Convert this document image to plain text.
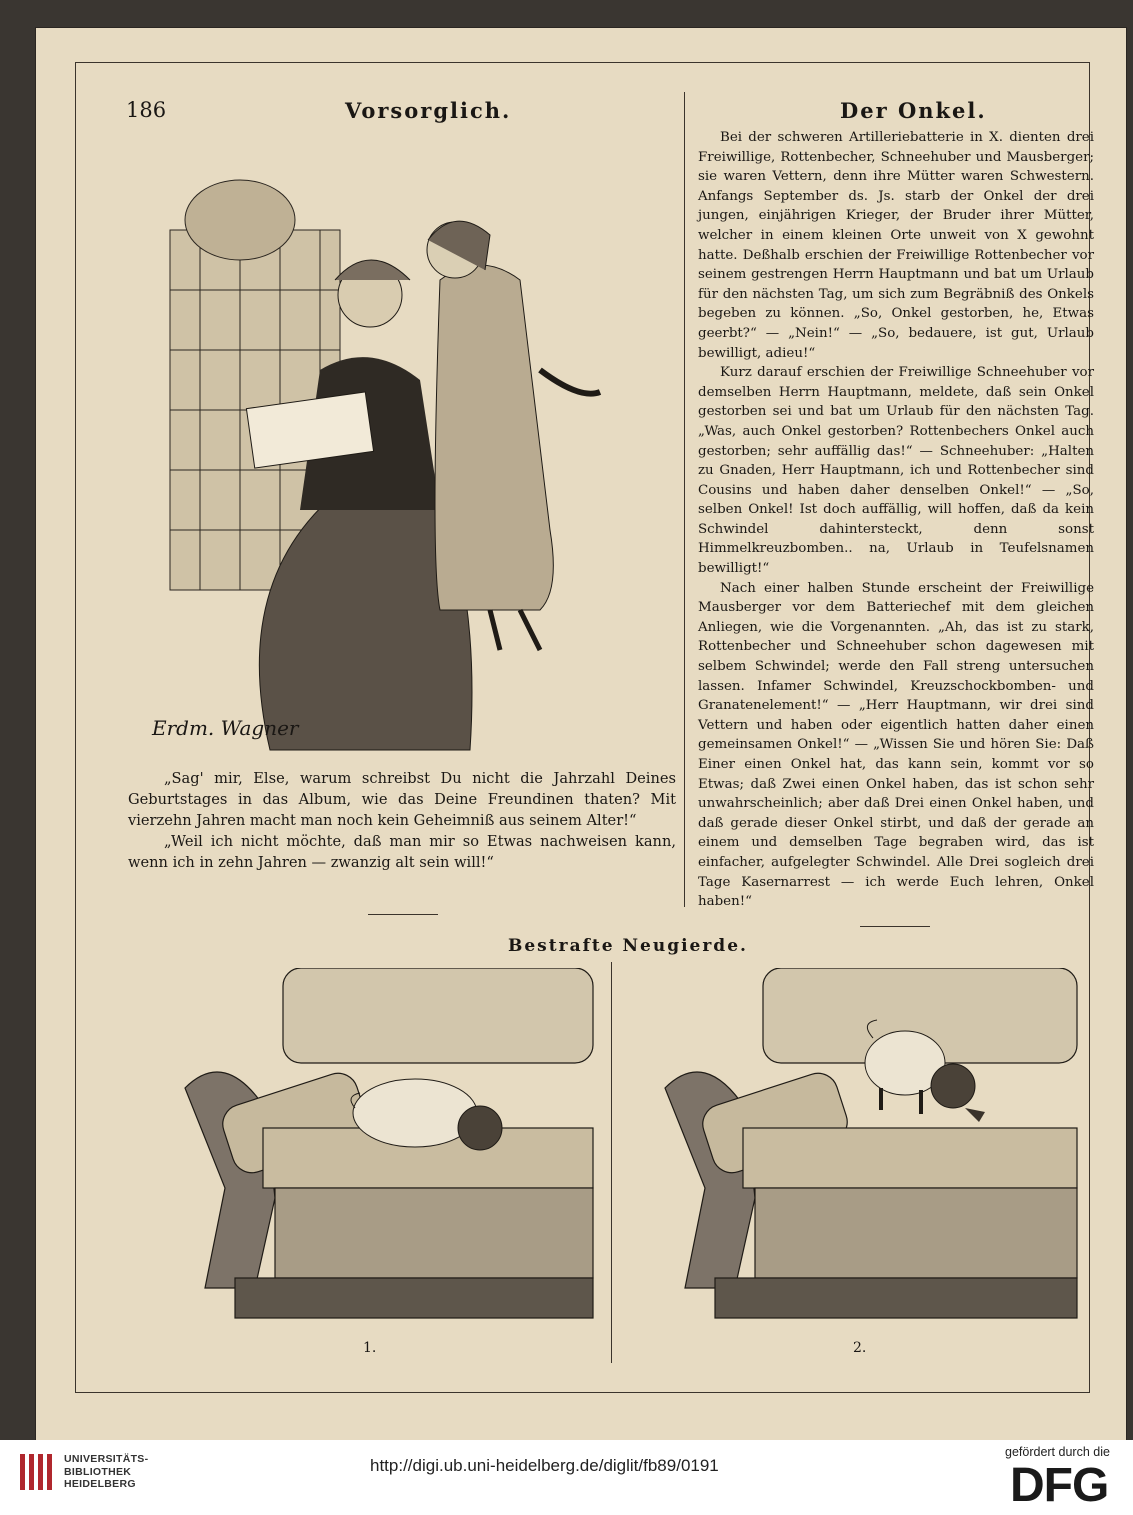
186	Vorsorglich.	Der Onkel.
Erdm. Wagner

„Sag' mir, Else, warum schreibst Du nicht die Jahrzahl Deines Geburtstages in das Album, wie das Deine Freundinen thaten? Mit vierzehn Jahren macht man noch kein Geheimniß aus seinem Alter!“

„Weil ich nicht möchte, daß man mir so Etwas nachweisen kann, wenn ich in zehn Jahren — zwanzig alt sein will!“

Bei der schweren Artilleriebatterie in X. dienten drei Freiwillige, Rottenbecher, Schneehuber und Mausberger; sie waren Vettern, denn ihre Mütter waren Schwestern. Anfangs September ds. Js. starb der Onkel der drei jungen, einjährigen Krieger, der Bruder ihrer Mütter, welcher in einem kleinen Orte unweit von X gewohnt hatte. Deßhalb erschien der Freiwillige Rottenbecher vor seinem gestrengen Herrn Hauptmann und bat um Urlaub für den nächsten Tag, um sich zum Begräbniß des Onkels begeben zu können. „So, Onkel gestorben, he, Etwas geerbt?“ — „Nein!“ — „So, bedauere, ist gut, Urlaub bewilligt, adieu!“

Kurz darauf erschien der Freiwillige Schneehuber vor demselben Herrn Hauptmann, meldete, daß sein Onkel gestorben sei und bat um Urlaub für den nächsten Tag. „Was, auch Onkel gestorben? Rottenbechers Onkel auch gestorben; sehr auffällig das!“ — Schneehuber: „Halten zu Gnaden, Herr Hauptmann, ich und Rottenbecher sind Cousins und haben daher denselben Onkel!“ — „So, selben Onkel! Ist doch auffällig, will hoffen, daß da kein Schwindel dahintersteckt, denn sonst Himmelkreuzbomben.. na, Urlaub in Teufelsnamen bewilligt!“

Nach einer halben Stunde erscheint der Freiwillige Mausberger vor dem Batteriechef mit dem gleichen Anliegen, wie die Vorgenannten. „Ah, das ist zu stark, Rottenbecher und Schneehuber schon dagewesen mit selbem Schwindel; werde den Fall streng untersuchen lassen. Infamer Schwindel, Kreuzschockbomben- und Granatenelement!“ — „Herr Hauptmann, wir drei sind Vettern und haben oder eigentlich hatten daher einen gemeinsamen Onkel!“ — „Wissen Sie und hören Sie: Daß Einer einen Onkel hat, das kann sein, kommt vor so Etwas; daß Zwei einen Onkel haben, das ist schon sehr unwahrscheinlich; aber daß Drei einen Onkel haben, und daß gerade dieser Onkel stirbt, und daß der gerade an einem und demselben Tage begraben wird, das ist einfacher, aufgelegter Schwindel. Alle Drei sogleich drei Tage Kasernarrest — ich werde Euch lehren, Onkel haben!“

Bestrafte Neugierde.
1.	2.
UNIVERSITÄTS-
BIBLIOTHEK
HEIDELBERG
http://digi.ub.uni-heidelberg.de/diglit/fb89/0191
gefördert durch die
DFG
